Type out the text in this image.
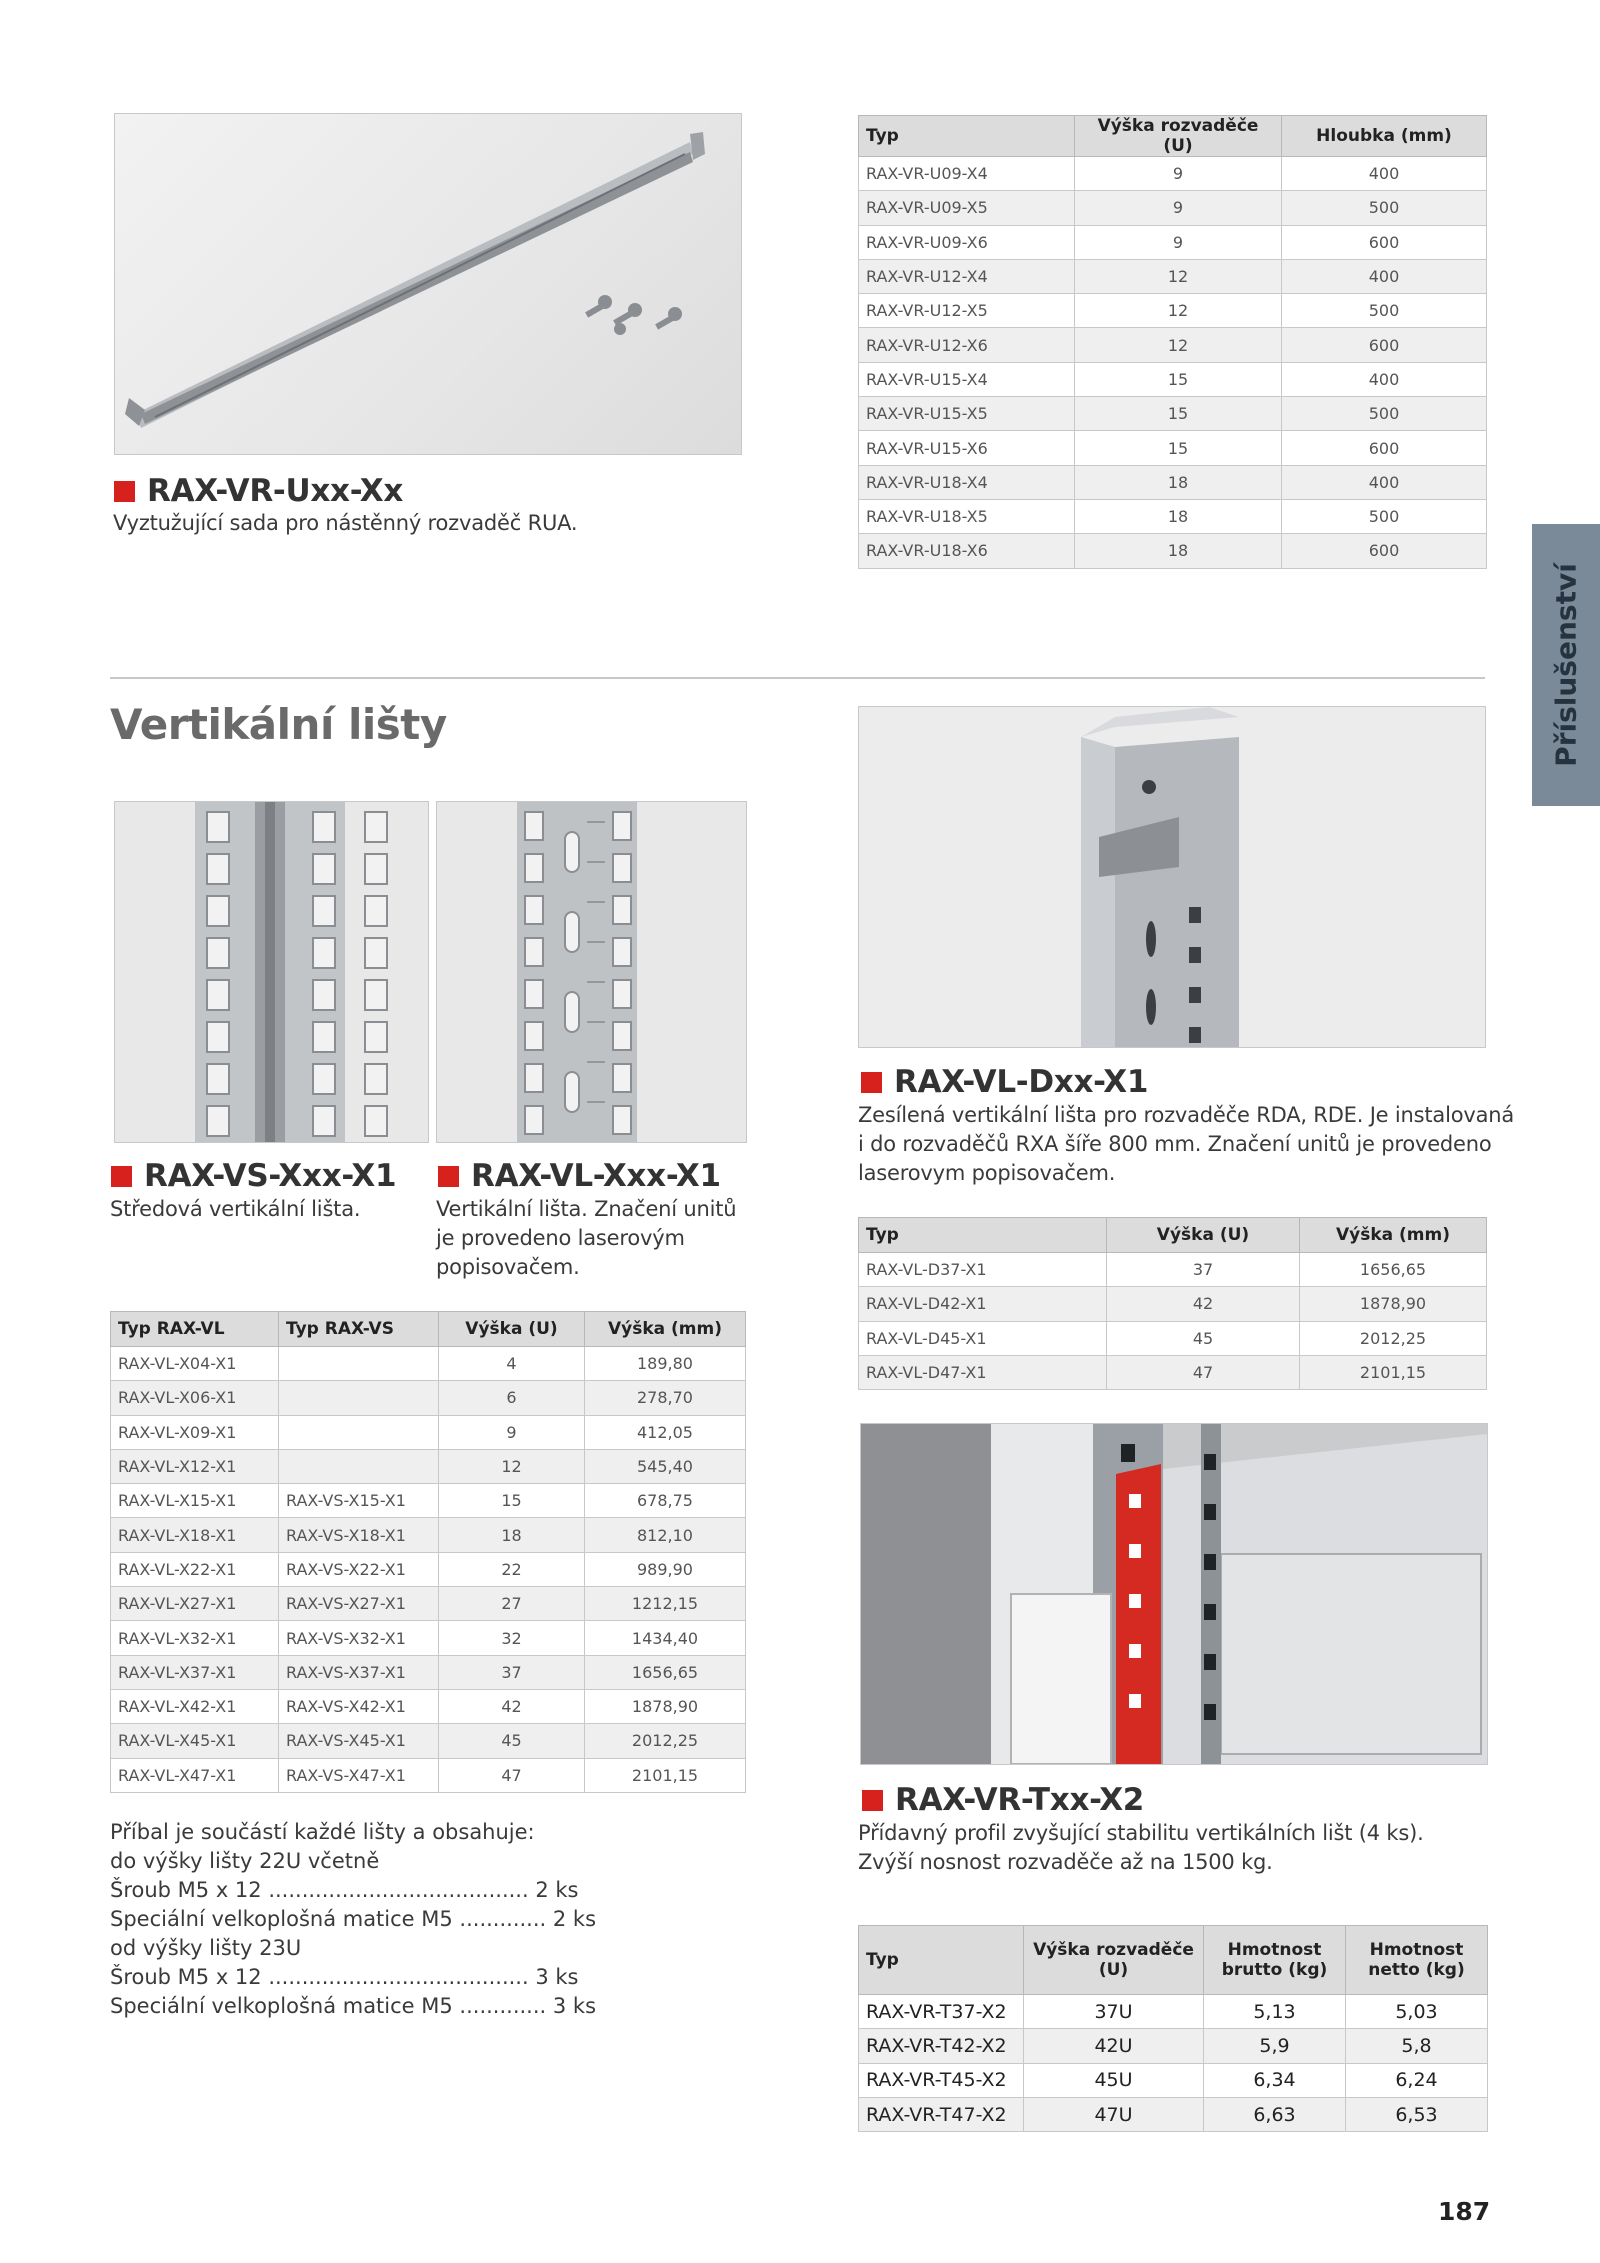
RAX-VR-Uxx-Xx
Vyztužující sada pro nástěnný rozvaděč RUA.
Typ	Výška rozvaděče (U)	Hloubka (mm)
RAX-VR-U09-X4	9	400
RAX-VR-U09-X5	9	500
RAX-VR-U09-X6	9	600
RAX-VR-U12-X4	12	400
RAX-VR-U12-X5	12	500
RAX-VR-U12-X6	12	600
RAX-VR-U15-X4	15	400
RAX-VR-U15-X5	15	500
RAX-VR-U15-X6	15	600
RAX-VR-U18-X4	18	400
RAX-VR-U18-X5	18	500
RAX-VR-U18-X6	18	600
Příslušenství
Vertikální lišty
RAX-VS-Xxx-X1
Středová vertikální lišta.
RAX-VL-Xxx-X1
Vertikální lišta. Značení unitů
je provedeno laserovým
popisovačem.
Typ RAX-VL	Typ RAX-VS	Výška (U)	Výška (mm)
RAX-VL-X04-X1		4	189,80
RAX-VL-X06-X1		6	278,70
RAX-VL-X09-X1		9	412,05
RAX-VL-X12-X1		12	545,40
RAX-VL-X15-X1	RAX-VS-X15-X1	15	678,75
RAX-VL-X18-X1	RAX-VS-X18-X1	18	812,10
RAX-VL-X22-X1	RAX-VS-X22-X1	22	989,90
RAX-VL-X27-X1	RAX-VS-X27-X1	27	1212,15
RAX-VL-X32-X1	RAX-VS-X32-X1	32	1434,40
RAX-VL-X37-X1	RAX-VS-X37-X1	37	1656,65
RAX-VL-X42-X1	RAX-VS-X42-X1	42	1878,90
RAX-VL-X45-X1	RAX-VS-X45-X1	45	2012,25
RAX-VL-X47-X1	RAX-VS-X47-X1	47	2101,15
Příbal je součástí každé lišty a obsahuje:
do výšky lišty 22U včetně
Šroub M5 x 12 ....................................... 2 ks
Speciální velkoplošná matice M5 ............. 2 ks
od výšky lišty 23U
Šroub M5 x 12 ....................................... 3 ks
Speciální velkoplošná matice M5 ............. 3 ks
RAX-VL-Dxx-X1
Zesílená vertikální lišta pro rozvaděče RDA, RDE. Je instalovaná
i do rozvaděčů RXA šíře 800 mm. Značení unitů je provedeno
laserovym popisovačem.
Typ	Výška (U)	Výška (mm)
RAX-VL-D37-X1	37	1656,65
RAX-VL-D42-X1	42	1878,90
RAX-VL-D45-X1	45	2012,25
RAX-VL-D47-X1	47	2101,15
RAX-VR-Txx-X2
Přídavný profil zvyšující stabilitu vertikálních lišt (4 ks).
Zvýší nosnost rozvaděče až na 1500 kg.
Typ	Výška rozvaděče (U)	Hmotnost brutto (kg)	Hmotnost netto (kg)
RAX-VR-T37-X2	37U	5,13	5,03
RAX-VR-T42-X2	42U	5,9	5,8
RAX-VR-T45-X2	45U	6,34	6,24
RAX-VR-T47-X2	47U	6,63	6,53
187
